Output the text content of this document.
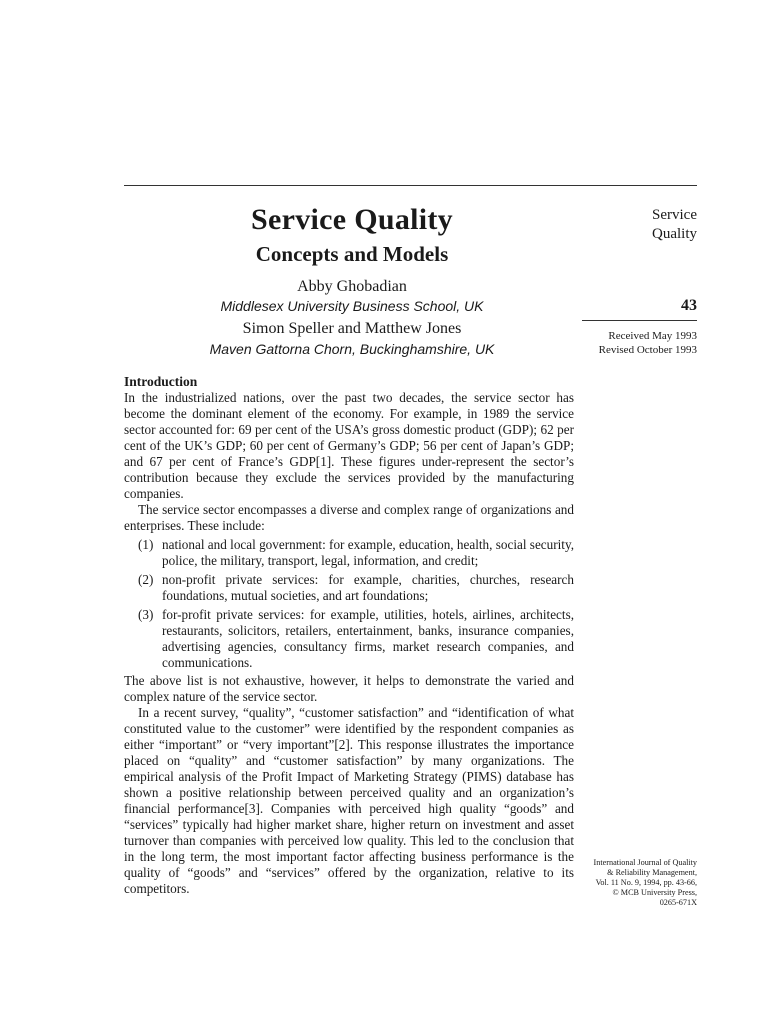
Service Quality
Concepts and Models
Abby Ghobadian
Middlesex University Business School, UK
Simon Speller and Matthew Jones
Maven Gattorna Chorn, Buckinghamshire, UK
Service
Quality
43
Received May 1993
Revised October 1993
Introduction

In the industrialized nations, over the past two decades, the service sector has become the dominant element of the economy. For example, in 1989 the service sector accounted for: 69 per cent of the USA’s gross domestic product (GDP); 62 per cent of the UK’s GDP; 60 per cent of Germany’s GDP; 56 per cent of Japan’s GDP; and 67 per cent of France’s GDP[1]. These figures under-represent the sector’s contribution because they exclude the services provided by the manufacturing companies.

The service sector encompasses a diverse and complex range of organizations and enterprises. These include:

(1) national and local government: for example, education, health, social security, police, the military, transport, legal, information, and credit;
(2) non-profit private services: for example, charities, churches, research foundations, mutual societies, and art foundations;
(3) for-profit private services: for example, utilities, hotels, airlines, architects, restaurants, solicitors, retailers, entertainment, banks, insurance companies, advertising agencies, consultancy firms, market research companies, and communications.

The above list is not exhaustive, however, it helps to demonstrate the varied and complex nature of the service sector.

In a recent survey, “quality”, “customer satisfaction” and “identification of what constituted value to the customer” were identified by the respondent companies as either “important” or “very important”[2]. This response illustrates the importance placed on “quality” and “customer satisfaction” by many organizations. The empirical analysis of the Profit Impact of Marketing Strategy (PIMS) database has shown a positive relationship between perceived quality and an organization’s financial performance[3]. Companies with perceived high quality “goods” and “services” typically had higher market share, higher return on investment and asset turnover than companies with perceived low quality. This led to the conclusion that in the long term, the most important factor affecting business performance is the quality of “goods” and “services” offered by the organization, relative to its competitors.

International Journal of Quality
& Reliability Management,
Vol. 11 No. 9, 1994, pp. 43-66,
© MCB University Press,
0265-671X
